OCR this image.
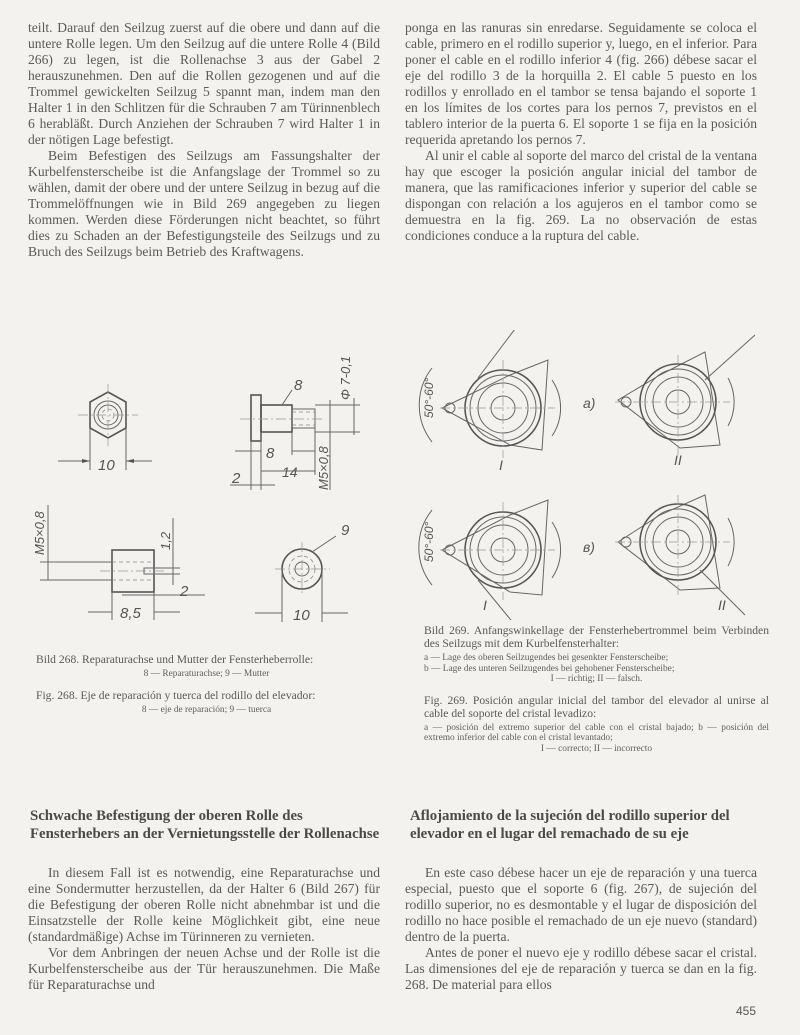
teilt. Darauf den Seilzug zuerst auf die obere und dann auf die untere Rolle legen. Um den Seilzug auf die untere Rolle 4 (Bild 266) zu legen, ist die Rollenachse 3 aus der Gabel 2 herauszunehmen. Den auf die Rollen gezogenen und auf die Trommel gewickelten Seilzug 5 spannt man, indem man den Halter 1 in den Schlitzen für die Schrauben 7 am Türinnenblech 6 herabläßt. Durch Anziehen der Schrauben 7 wird Halter 1 in der nötigen Lage befestigt.

Beim Befestigen des Seilzugs am Fassungshalter der Kurbelfensterscheibe ist die Anfangslage der Trommel so zu wählen, damit der obere und der untere Seilzug in bezug auf die Trommelöffnungen wie in Bild 269 angegeben zu liegen kommen. Werden diese Förderungen nicht beachtet, so führt dies zu Schaden an der Befestigungsteile des Seilzugs und zu Bruch des Seilzugs beim Betrieb des Kraftwagens.

ponga en las ranuras sin enredarse. Seguidamente se coloca el cable, primero en el rodillo superior y, luego, en el inferior. Para poner el cable en el rodillo inferior 4 (fig. 266) débese sacar el eje del rodillo 3 de la horquilla 2. El cable 5 puesto en los rodillos y enrollado en el tambor se tensa bajando el soporte 1 en los límites de los cortes para los pernos 7, previstos en el tablero interior de la puerta 6. El soporte 1 se fija en la posición requerida apretando los pernos 7.

Al unir el cable al soporte del marco del cristal de la ventana hay que escoger la posición angular inicial del tambor de manera, que las ramificaciones inferior y superior del cable se dispongan con relación a los agujeros en el tambor como se demuestra en la fig. 269. La no observación de estas condiciones conduce a la ruptura del cable.

10
8
8
14
2
Φ 7-0,1
M5×0,8
M5×0,8	1,2
2
8,5
9
10
Bild 268. Reparaturachse und Mutter der Fensterheberrolle:
8 — Reparaturachse; 9 — Mutter
Fig. 268. Eje de reparación y tuerca del rodillo del elevador:
8 — eje de reparación; 9 — tuerca
50°-60°
I
a)
II
50°-60°
I
в)
II
Bild 269. Anfangswinkellage der Fensterhebertrommel beim Verbinden des Seilzugs mit dem Kurbelfensterhalter:
a — Lage des oberen Seilzugendes bei gesenkter Fensterscheibe;
b — Lage des unteren Seilzugendes bei gehobener Fensterscheibe;
I — richtig; II — falsch.
Fig. 269. Posición angular inicial del tambor del elevador al unirse al cable del soporte del cristal levadizo:
a — posición del extremo superior del cable con el cristal bajado; b — posición del extremo inferior del cable con el cristal levantado;
I — correcto; II — incorrecto
Schwache Befestigung der oberen Rolle des Fensterhebers an der Vernietungsstelle der Rollenachse
Aflojamiento de la sujeción del rodillo superior del elevador en el lugar del remachado de su eje

In diesem Fall ist es notwendig, eine Reparaturachse und eine Sondermutter herzustellen, da der Halter 6 (Bild 267) für die Befestigung der oberen Rolle nicht abnehmbar ist und die Einsatzstelle der Rolle keine Möglichkeit gibt, eine neue (standardmäßige) Achse im Türinneren zu vernieten.

Vor dem Anbringen der neuen Achse und der Rolle ist die Kurbelfensterscheibe aus der Tür herauszunehmen. Die Maße für Reparaturachse und

En este caso débese hacer un eje de reparación y una tuerca especial, puesto que el soporte 6 (fig. 267), de sujeción del rodillo superior, no es desmontable y el lugar de disposición del rodillo no hace posible el remachado de un eje nuevo (standard) dentro de la puerta.

Antes de poner el nuevo eje y rodillo débese sacar el cristal. Las dimensiones del eje de reparación y tuerca se dan en la fig. 268. De material para ellos

455
